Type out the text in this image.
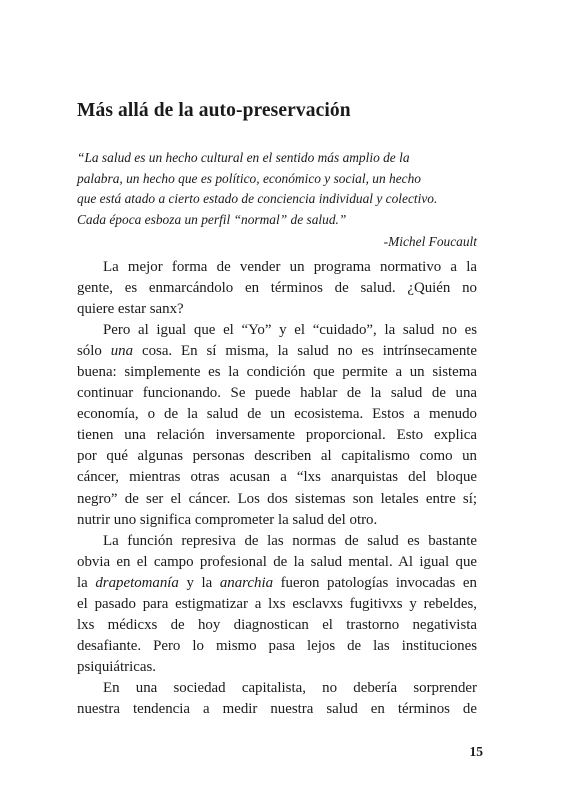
Más allá de la auto-preservación
“La salud es un hecho cultural en el sentido más amplio de la
palabra, un hecho que es político, económico y social, un hecho
que está atado a cierto estado de conciencia individual y colectivo.
Cada época esboza un perfil “normal” de salud.”
-Michel Foucault

La mejor forma de vender un programa normativo a la
gente, es enmarcándolo en términos de salud. ¿Quién no
quiere estar sanx?

Pero al igual que el “Yo” y el “cuidado”, la salud no es
sólo una cosa. En sí misma, la salud no es intrínsecamente
buena: simplemente es la condición que permite a un sistema
continuar funcionando. Se puede hablar de la salud de una
economía, o de la salud de un ecosistema. Estos a menudo
tienen una relación inversamente proporcional. Esto explica
por qué algunas personas describen al capitalismo como un
cáncer, mientras otras acusan a “lxs anarquistas del bloque
negro” de ser el cáncer. Los dos sistemas son letales entre sí;
nutrir uno significa comprometer la salud del otro.

La función represiva de las normas de salud es bastante
obvia en el campo profesional de la salud mental. Al igual que
la drapetomanía y la anarchia fueron patologías invocadas en
el pasado para estigmatizar a lxs esclavxs fugitivxs y rebeldes,
lxs médicxs de hoy diagnostican el trastorno negativista
desafiante. Pero lo mismo pasa lejos de las instituciones
psiquiátricas.

En una sociedad capitalista, no debería sorprender
nuestra tendencia a medir nuestra salud en términos de

15
